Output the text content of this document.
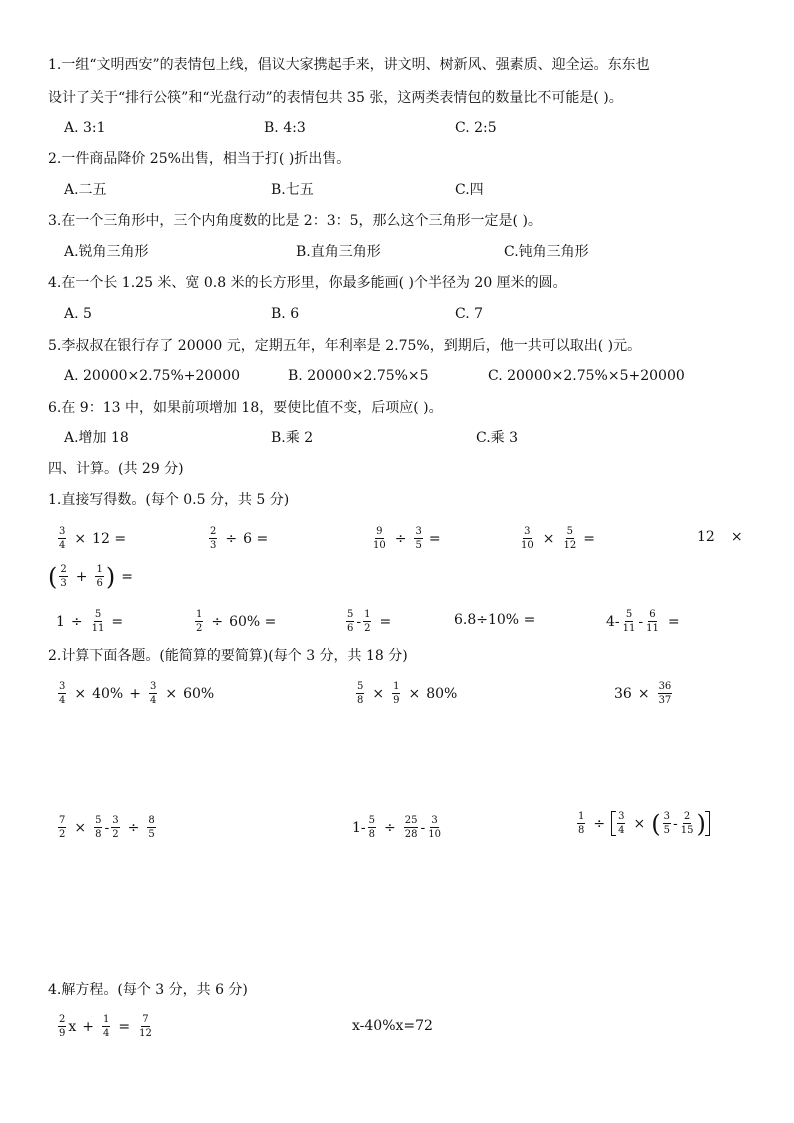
1.一组“文明西安”的表情包上线，倡议大家携起手来，讲文明、树新风、强素质、迎全运。东东也
设计了关于“排行公筷”和“光盘行动”的表情包共 35 张，这两类表情包的数量比不可能是( )。
A. 3:1	B. 4:3	C. 2:5
2.一件商品降价 25%出售，相当于打( )折出售。
A.二五	B.七五	C.四
3.在一个三角形中，三个内角度数的比是 2：3：5，那么这个三角形一定是( )。
A.锐角三角形	B.直角三角形	C.钝角三角形
4.在一个长 1.25 米、宽 0.8 米的长方形里，你最多能画( )个半径为 20 厘米的圆。
A. 5	B. 6	C. 7
5.李叔叔在银行存了 20000 元，定期五年，年利率是 2.75%，到期后，他一共可以取出( )元。
A. 20000×2.75%+20000	B. 20000×2.75%×5	C. 20000×2.75%×5+20000
6.在 9：13 中，如果前项增加 18，要使比值不变，后项应( )。
A.增加 18	B.乘 2	C.乘 3
四、计算。(共 29 分)
1.直接写得数。(每个 0.5 分，共 5 分)
$\frac{3}{4} \times 12$ =	$\frac{2}{3} \div 6$ =	$\frac{9}{10} \div \frac{3}{5}$ =	$\frac{3}{10} \times \frac{5}{12}$ =	12 ×
( $\frac{2}{3} + \frac{1}{6}$ ) =
$1 \div \frac{5}{11}$ =	$\frac{1}{2} \div 60\%$ =	$\frac{5}{6} - \frac{1}{2}$ =	6.8÷10% =	$4- \frac{5}{11} - \frac{6}{11}$ =
2.计算下面各题。(能简算的要简算)(每个 3 分，共 18 分)
$\frac{3}{4} \times 40\% + \frac{3}{4} \times 60\%$	$\frac{5}{8} \times \frac{1}{9} \times 80\%$	$36 \times \frac{36}{37}$
$\frac{7}{2} \times \frac{5}{8} - \frac{3}{2} \div \frac{8}{5}$	$1- \frac{5}{8} \div \frac{25}{28} - \frac{3}{10}$	$\frac{1}{8} \div \frac{3}{4}$ × ( $\frac{3}{5} - \frac{2}{15}$ )
4.解方程。(每个 3 分，共 6 分)
$\frac{2}{9}$ $x + \frac{1}{4} = \frac{7}{12}$	x-40%x=72
